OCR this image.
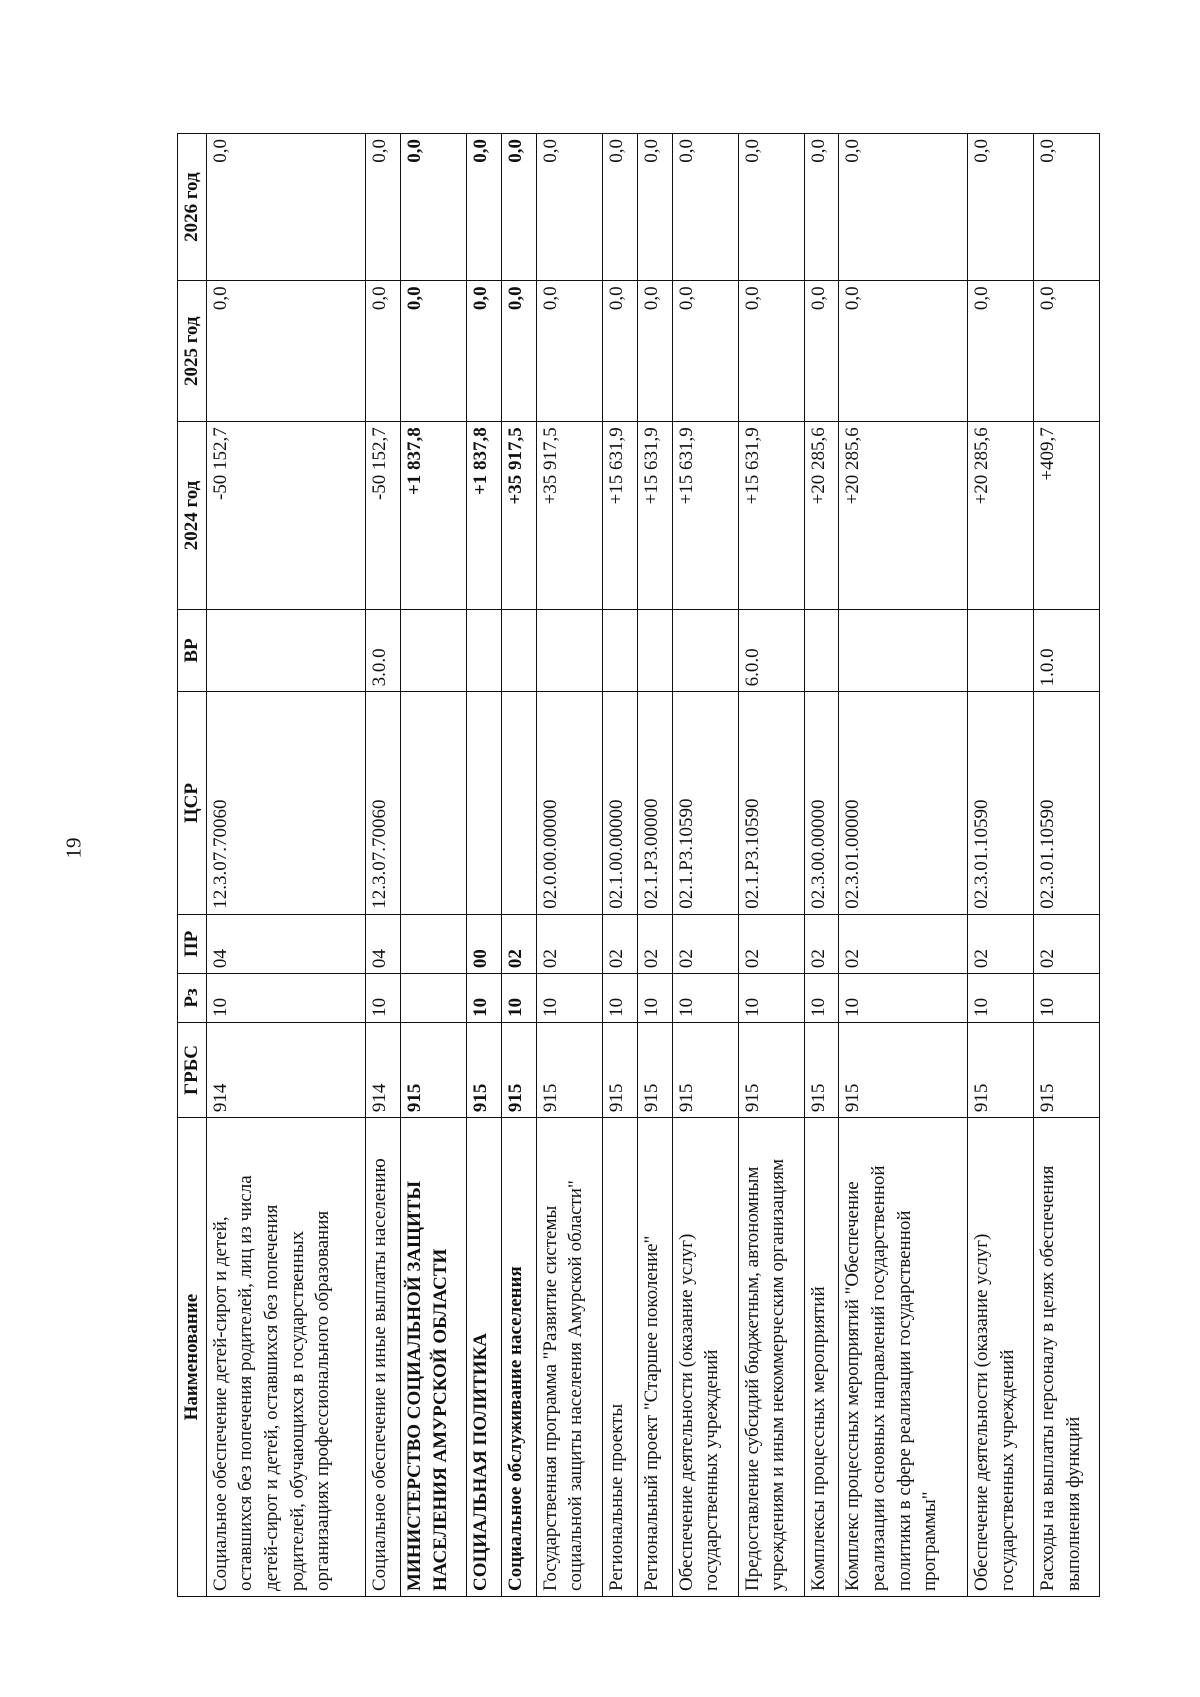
19
Наименование	ГРБС	Рз	ПР	ЦСР	ВР	2024 год	2025 год	2026 год
Социальное обеспечение детей-сирот и детей, оставшихся без попечения родителей, лиц из числа детей-сирот и детей, оставшихся без попечения родителей, обучающихся в государственных организациях профессионального образования	914	10	04	12.3.07.70060		-50 152,7	0,0	0,0
Социальное обеспечение и иные выплаты населению	914	10	04	12.3.07.70060	3.0.0	-50 152,7	0,0	0,0
МИНИСТЕРСТВО СОЦИАЛЬНОЙ ЗАЩИТЫ НАСЕЛЕНИЯ АМУРСКОЙ ОБЛАСТИ	915					+1 837,8	0,0	0,0
СОЦИАЛЬНАЯ ПОЛИТИКА	915	10	00			+1 837,8	0,0	0,0
Социальное обслуживание населения	915	10	02			+35 917,5	0,0	0,0
Государственная программа "Развитие системы социальной защиты населения Амурской области"	915	10	02	02.0.00.00000		+35 917,5	0,0	0,0
Региональные проекты	915	10	02	02.1.00.00000		+15 631,9	0,0	0,0
Региональный проект "Старшее поколение"	915	10	02	02.1.Р3.00000		+15 631,9	0,0	0,0
Обеспечение деятельности (оказание услуг) государственных учреждений	915	10	02	02.1.Р3.10590		+15 631,9	0,0	0,0
Предоставление субсидий бюджетным, автономным учреждениям и иным некоммерческим организациям	915	10	02	02.1.Р3.10590	6.0.0	+15 631,9	0,0	0,0
Комплексы процессных мероприятий	915	10	02	02.3.00.00000		+20 285,6	0,0	0,0
Комплекс процессных мероприятий "Обеспечение реализации основных направлений государственной политики в сфере реализации государственной программы"	915	10	02	02.3.01.00000		+20 285,6	0,0	0,0
Обеспечение деятельности (оказание услуг) государственных учреждений	915	10	02	02.3.01.10590		+20 285,6	0,0	0,0
Расходы на выплаты персоналу в целях обеспечения выполнения функций	915	10	02	02.3.01.10590	1.0.0	+409,7	0,0	0,0
